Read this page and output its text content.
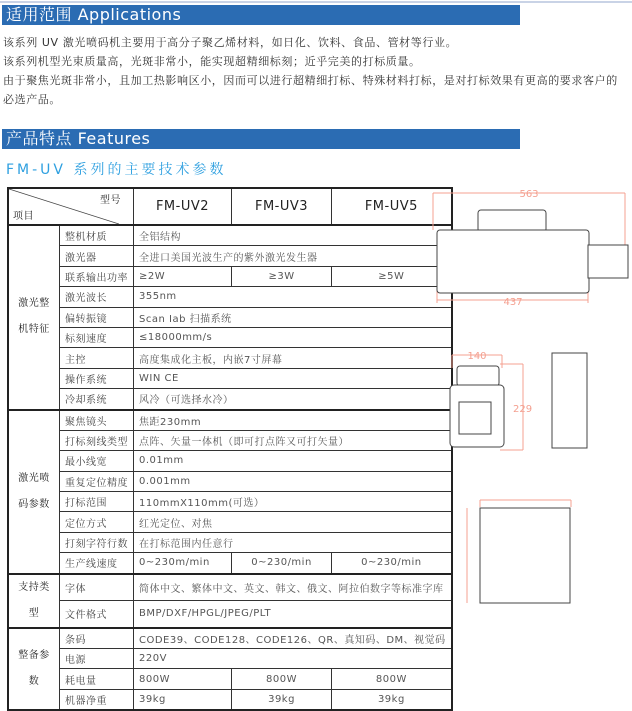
适用范围 Applications
该系列 UV 激光喷码机主要用于高分子聚乙烯材料，如日化、饮料、食品、管材等行业。
该系列机型光束质量高，光斑非常小，能实现超精细标刻；近乎完美的打标质量。
由于聚焦光斑非常小，且加工热影响区小，因而可以进行超精细打标、特殊材料打标，是对打标效果有更高的要求客户的必选产品。
产品特点 Features
FM-UV 系列的主要技术参数
型号
项目		FM-UV2	FM-UV3	FM-UV5
激光整机特征	整机材质	全铝结构		
	激光器	全进口美国光波生产的紫外激光发生器		
	联系输出功率	≥2W	≥3W	≥5W
	激光波长	355nm		
	偏转振镜	Scan Ⅰab 扫描系统		
	标刻速度	≤18000mm/s		
	主控	高度集成化主板，内嵌7寸屏幕		
	操作系统	WIN CE		
	冷却系统	风冷（可选择水冷）		
激光喷码参数	聚焦镜头	焦距230mm		
	打标刻线类型	点阵、矢量一体机（即可打点阵又可打矢量）		
	最小线宽	0.01mm		
	重复定位精度	0.001mm		
	打标范围	110mmX110mm(可选）		
	定位方式	红光定位、对焦		
	打刻字符行数	在打标范围内任意行		
	生产线速度	0~230m/min	0~230/min	0~230/min
支持类型	字体	简体中文、繁体中文、英文、韩文、俄文、阿拉伯数字等标准字库		
	文件格式	BMP/DXF/HPGL/JPEG/PLT		
整备参数	条码	CODE39、CODE128、CODE126、QR、真知码、DM、视觉码		
	电源	220V		
	耗电量	800W	800W	800W
	机器净重	39kg	39kg	39kg
563
437
140
229
